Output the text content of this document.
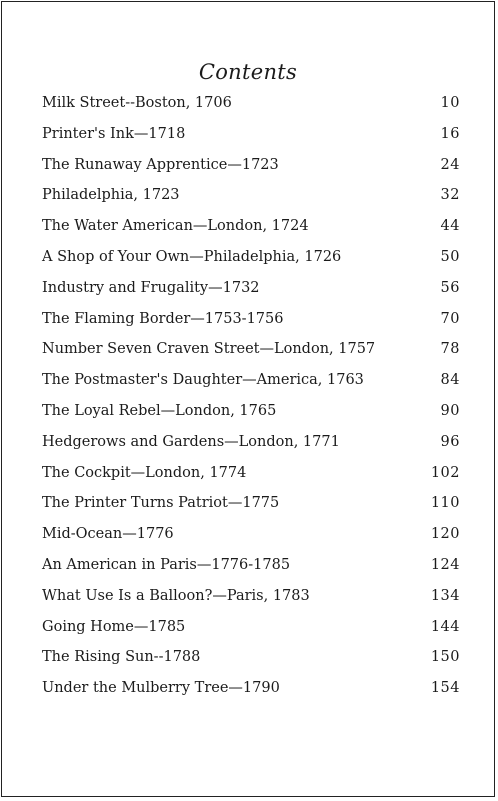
Contents
Milk Street--Boston, 1706	10
Printer's Ink—1718	16
The Runaway Apprentice—1723	24
Philadelphia, 1723	32
The Water American—London, 1724	44
A Shop of Your Own—Philadelphia, 1726	50
Industry and Frugality—1732	56
The Flaming Border—1753-1756	70
Number Seven Craven Street—London, 1757	78
The Postmaster's Daughter—America, 1763	84
The Loyal Rebel—London, 1765	90
Hedgerows and Gardens—London, 1771	96
The Cockpit—London, 1774	102
The Printer Turns Patriot—1775	110
Mid-Ocean—1776	120
An American in Paris—1776-1785	124
What Use Is a Balloon?—Paris, 1783	134
Going Home—1785	144
The Rising Sun--1788	150
Under the Mulberry Tree—1790	154
